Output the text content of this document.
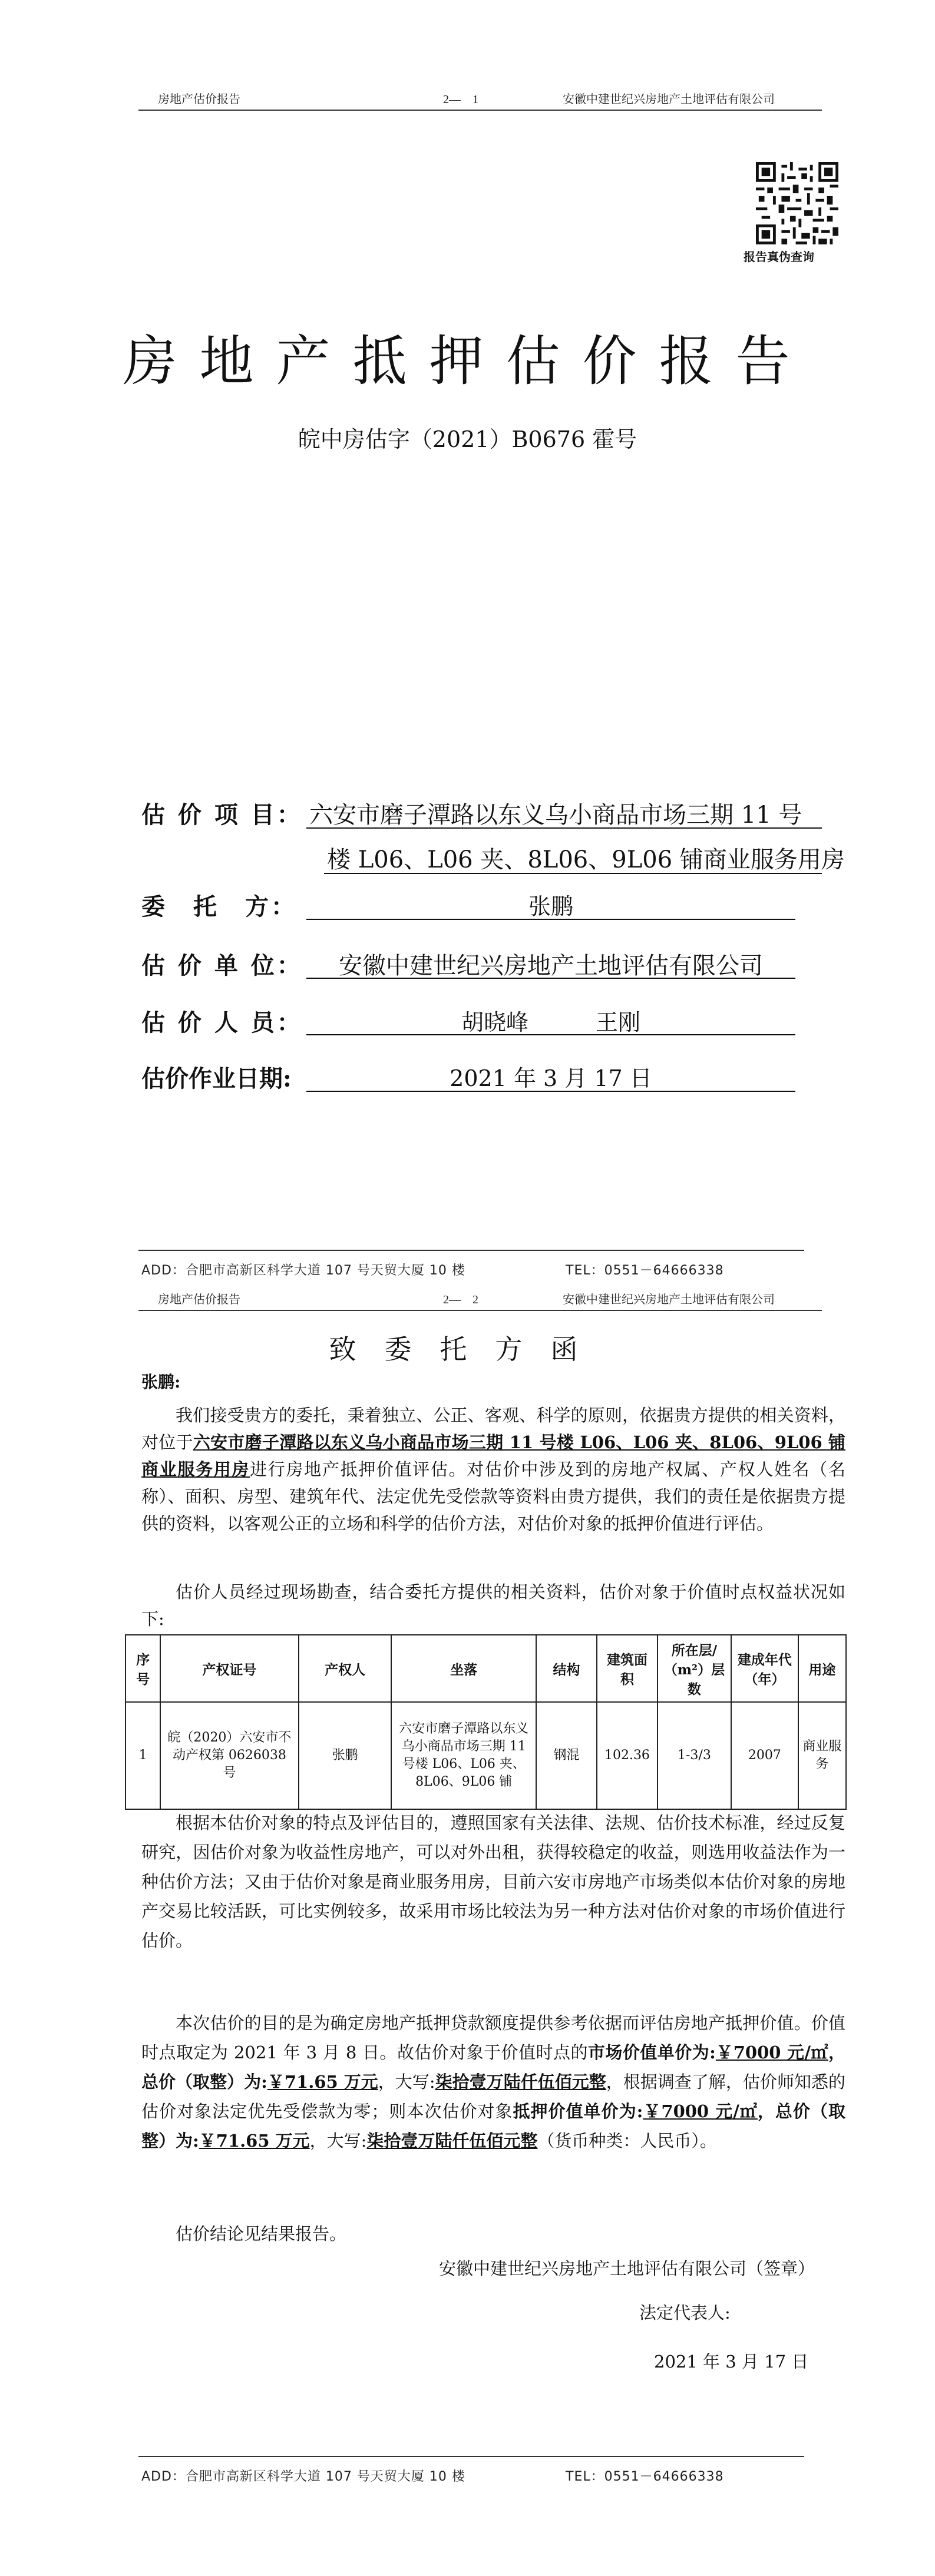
房地产估价报告	2—　1	安徽中建世纪兴房地产土地评估有限公司
报告真伪查询
房地产抵押估价报告
皖中房估字（2021）B0676 霍号
估 价 项 目： 六安市磨子潭路以东义乌小商品市场三期 11 号
楼 L06、L06 夹、8L06、9L06 铺商业服务用房
委　托　方：	张鹏
估 价 单 位：	安徽中建世纪兴房地产土地评估有限公司
估 价 人 员：	胡晓峰　　　王刚
估价作业日期:	2021 年 3 月 17 日
ADD：合肥市高新区科学大道 107 号天贸大厦 10 楼	TEL：0551－64666338
房地产估价报告	2—　2	安徽中建世纪兴房地产土地评估有限公司
致委托方函
张鹏:
我们接受贵方的委托，秉着独立、公正、客观、科学的原则，依据贵方提供的相关资料，对位于六安市磨子潭路以东义乌小商品市场三期 11 号楼 L06、L06 夹、8L06、9L06 铺商业服务用房进行房地产抵押价值评估。对估价中涉及到的房地产权属、产权人姓名（名称）、面积、房型、建筑年代、法定优先受偿款等资料由贵方提供，我们的责任是依据贵方提供的资料，以客观公正的立场和科学的估价方法，对估价对象的抵押价值进行评估。
估价人员经过现场勘查，结合委托方提供的相关资料，估价对象于价值时点权益状况如下:
序号	产权证号	产权人	坐落	结构	建筑面积	所在层/（m²）层数	建成年代（年）	用途
1	皖（2020）六安市不动产权第 0626038 号	张鹏	六安市磨子潭路以东义乌小商品市场三期 11 号楼 L06、L06 夹、8L06、9L06 铺	钢混	102.36	1-3/3	2007	商业服务
根据本估价对象的特点及评估目的，遵照国家有关法律、法规、估价技术标准，经过反复研究，因估价对象为收益性房地产，可以对外出租，获得较稳定的收益，则选用收益法作为一种估价方法；又由于估价对象是商业服务用房，目前六安市房地产市场类似本估价对象的房地产交易比较活跃，可比实例较多，故采用市场比较法为另一种方法对估价对象的市场价值进行估价。
本次估价的目的是为确定房地产抵押贷款额度提供参考依据而评估房地产抵押价值。价值时点取定为 2021 年 3 月 8 日。故估价对象于价值时点的市场价值单价为:￥7000 元/㎡，总价（取整）为:￥71.65 万元，大写:柒拾壹万陆仟伍佰元整，根据调查了解，估价师知悉的估价对象法定优先受偿款为零；则本次估价对象抵押价值单价为:￥7000 元/㎡，总价（取整）为:￥71.65 万元，大写:柒拾壹万陆仟伍佰元整（货币种类：人民币）。
估价结论见结果报告。
安徽中建世纪兴房地产土地评估有限公司（签章）
法定代表人:
2021 年 3 月 17 日
ADD：合肥市高新区科学大道 107 号天贸大厦 10 楼	TEL：0551－64666338
